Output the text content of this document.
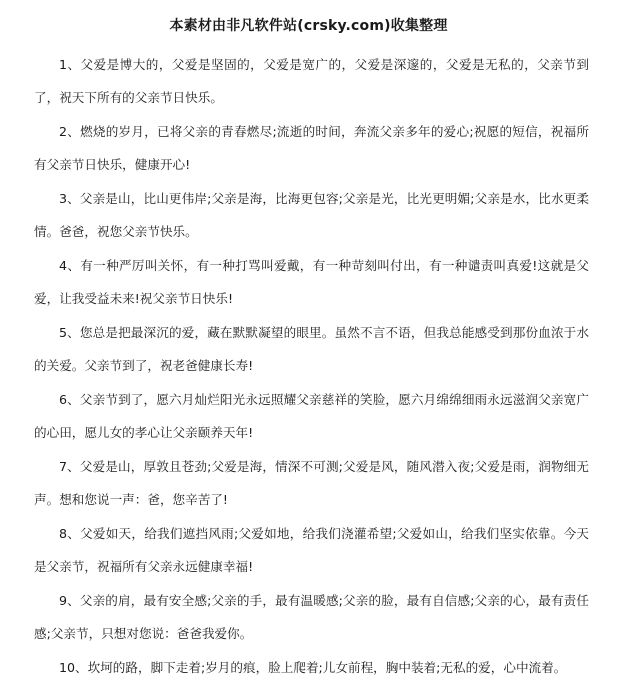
本素材由非凡软件站(crsky.com)收集整理

1、父爱是博大的，父爱是坚固的，父爱是宽广的，父爱是深邃的，父爱是无私的，父亲节到了，祝天下所有的父亲节日快乐。

2、燃烧的岁月，已将父亲的青春燃尽;流逝的时间，奔流父亲多年的爱心;祝愿的短信，祝福所有父亲节日快乐，健康开心!

3、父亲是山，比山更伟岸;父亲是海，比海更包容;父亲是光，比光更明媚;父亲是水，比水更柔情。爸爸，祝您父亲节快乐。

4、有一种严厉叫关怀，有一种打骂叫爱戴，有一种苛刻叫付出，有一种谴责叫真爱!这就是父爱，让我受益未来!祝父亲节日快乐!

5、您总是把最深沉的爱，藏在默默凝望的眼里。虽然不言不语，但我总能感受到那份血浓于水的关爱。父亲节到了，祝老爸健康长寿!

6、父亲节到了，愿六月灿烂阳光永远照耀父亲慈祥的笑脸，愿六月绵绵细雨永远滋润父亲宽广的心田，愿儿女的孝心让父亲颐养天年!

7、父爱是山，厚敦且苍劲;父爱是海，情深不可测;父爱是风，随风潜入夜;父爱是雨，润物细无声。想和您说一声：爸，您辛苦了!

8、父爱如天，给我们遮挡风雨;父爱如地，给我们浇灌希望;父爱如山，给我们坚实依靠。今天是父亲节，祝福所有父亲永远健康幸福!

9、父亲的肩，最有安全感;父亲的手，最有温暖感;父亲的脸，最有自信感;父亲的心，最有责任感;父亲节，只想对您说：爸爸我爱你。

10、坎坷的路，脚下走着;岁月的痕，脸上爬着;儿女前程，胸中装着;无私的爱，心中流着。
